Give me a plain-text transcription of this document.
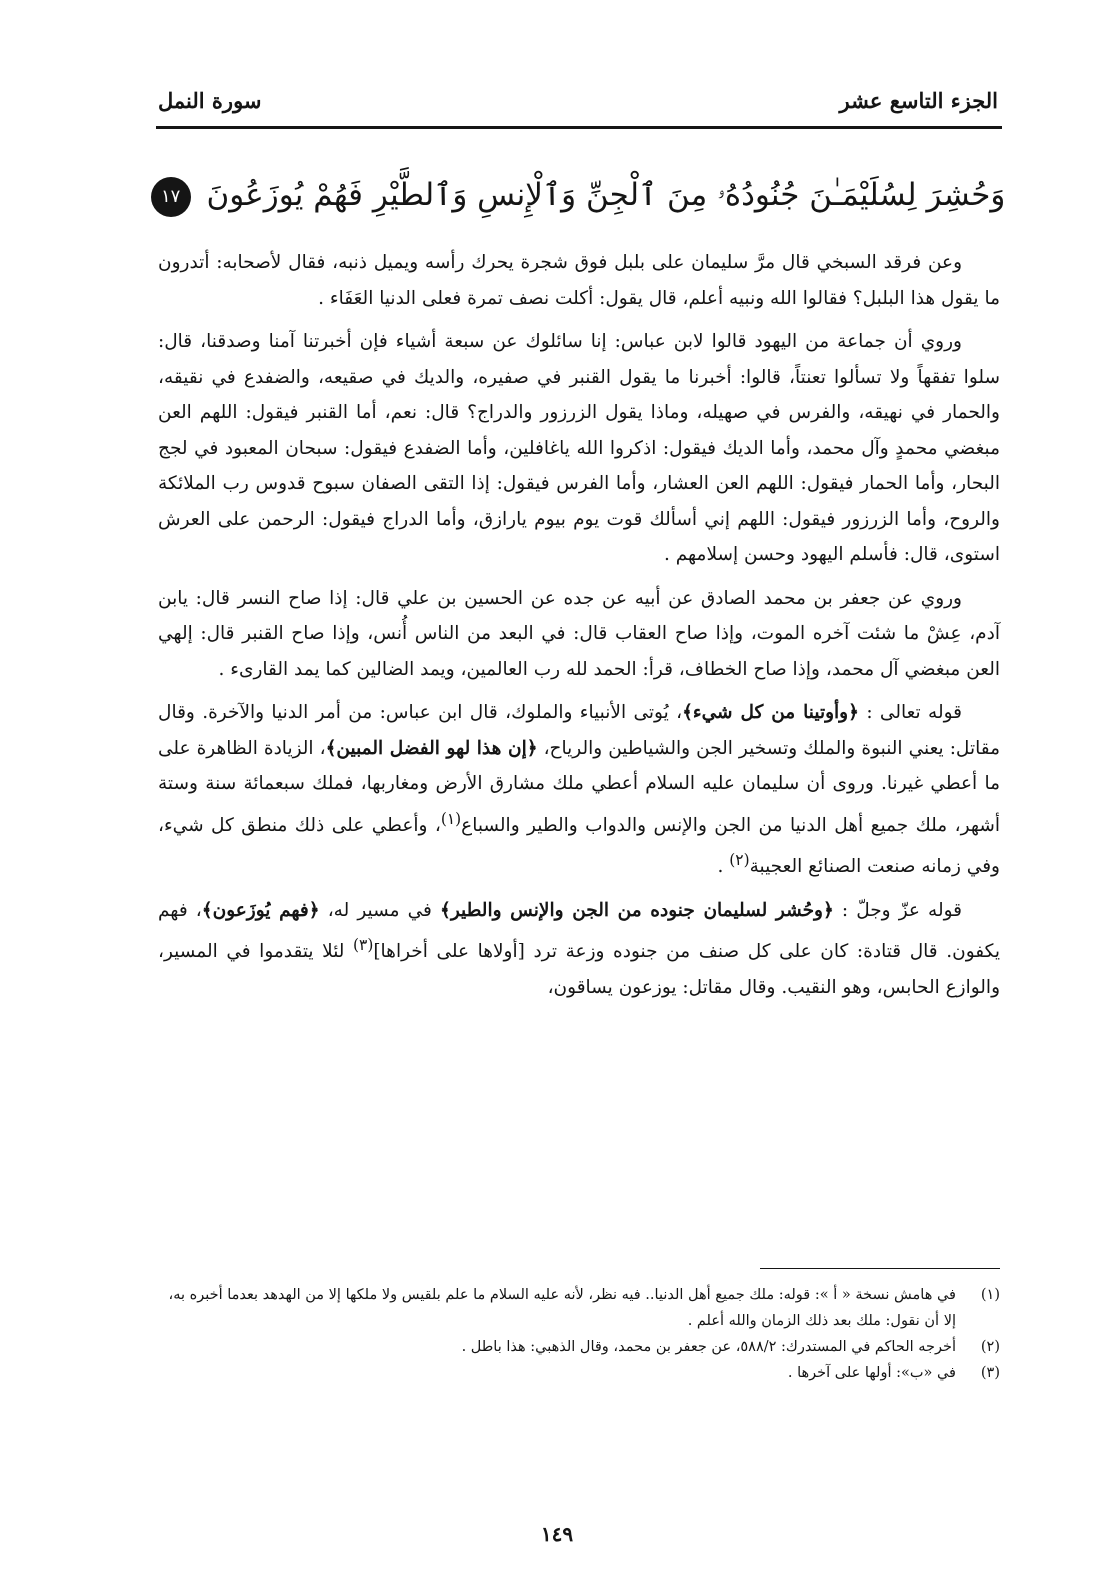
الجزء التاسع عشر
سورة النمل
وَحُشِرَ لِسُلَيْمَـٰنَ جُنُودُهُۥ مِنَ ٱلْجِنِّ وَٱلْإِنسِ وَٱلطَّيْرِ فَهُمْ يُوزَعُونَ ١٧

وعن فرقد السبخي قال مرَّ سليمان على بلبل فوق شجرة يحرك رأسه ويميل ذنبه، فقال لأصحابه: أتدرون ما يقول هذا البلبل؟ فقالوا الله ونبيه أعلم، قال يقول: أكلت نصف تمرة فعلى الدنيا العَفَاء .

وروي أن جماعة من اليهود قالوا لابن عباس: إنا سائلوك عن سبعة أشياء فإن أخبرتنا آمنا وصدقنا، قال: سلوا تفقهاً ولا تسألوا تعنتاً، قالوا: أخبرنا ما يقول القنبر في صفيره، والديك في صقيعه، والضفدع في نقيقه، والحمار في نهيقه، والفرس في صهيله، وماذا يقول الزرزور والدراج؟ قال: نعم، أما القنبر فيقول: اللهم العن مبغضي محمدٍ وآل محمد، وأما الديك فيقول: اذكروا الله ياغافلين، وأما الضفدع فيقول: سبحان المعبود في لجج البحار، وأما الحمار فيقول: اللهم العن العشار، وأما الفرس فيقول: إذا التقى الصفان سبوح قدوس رب الملائكة والروح، وأما الزرزور فيقول: اللهم إني أسألك قوت يوم بيوم يارازق، وأما الدراج فيقول: الرحمن على العرش استوى، قال: فأسلم اليهود وحسن إسلامهم .

وروي عن جعفر بن محمد الصادق عن أبيه عن جده عن الحسين بن علي قال: إذا صاح النسر قال: يابن آدم، عِشْ ما شئت آخره الموت، وإذا صاح العقاب قال: في البعد من الناس أُنس، وإذا صاح القنبر قال: إلهي العن مبغضي آل محمد، وإذا صاح الخطاف، قرأ: الحمد لله رب العالمين، ويمد الضالين كما يمد القارىء .

قوله تعالى : ﴿وأوتينا من كل شيء﴾، يُوتى الأنبياء والملوك، قال ابن عباس: من أمر الدنيا والآخرة. وقال مقاتل: يعني النبوة والملك وتسخير الجن والشياطين والرياح، ﴿إن هذا لهو الفضل المبين﴾، الزيادة الظاهرة على ما أعطي غيرنا. وروى أن سليمان عليه السلام أعطي ملك مشارق الأرض ومغاربها، فملك سبعمائة سنة وستة أشهر، ملك جميع أهل الدنيا من الجن والإنس والدواب والطير والسباع$^{(١)}$، وأعطي على ذلك منطق كل شيء، وفي زمانه صنعت الصنائع العجيبة$^{(٢)}$ .

قوله عزّ وجلّ : ﴿وحُشر لسليمان جنوده من الجن والإنس والطير﴾ في مسير له، ﴿فهم يُوزَعون﴾، فهم يكفون. قال قتادة: كان على كل صنف من جنوده وزعة ترد [أولاها على أخراها]$^{(٣)}$ لئلا يتقدموا في المسير، والوازع الحابس، وهو النقيب. وقال مقاتل: يوزعون يساقون،

(١)
في هامش نسخة « أ »: قوله: ملك جميع أهل الدنيا.. فيه نظر، لأنه عليه السلام ما علم بلقيس ولا ملكها إلا من الهدهد بعدما أخبره به، إلا أن نقول: ملك بعد ذلك الزمان والله أعلم .
(٢)
أخرجه الحاكم في المستدرك: ٥٨٨/٢، عن جعفر بن محمد، وقال الذهبي: هذا باطل .
(٣)
في «ب»: أولها على آخرها .
١٤٩
